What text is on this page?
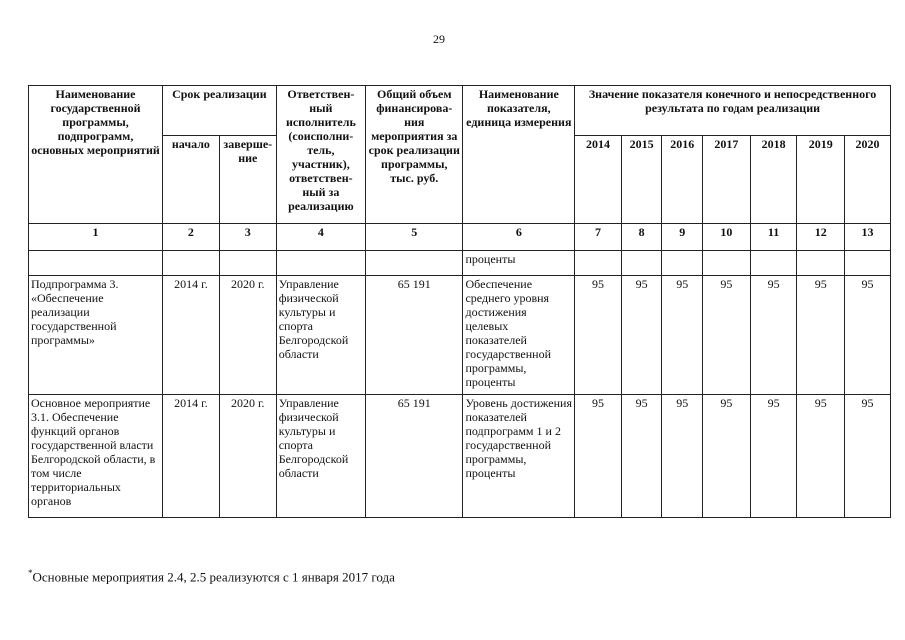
29
Наименование государственной программы, подпрограмм, основных мероприятий	Срок реализации		Ответствен-ный исполнитель (соисполни-тель, участник), ответствен-ный за реализацию	Общий объем финансирова-ния мероприятия за срок реализации программы, тыс. руб.	Наименование показателя, единица измерения	Значение показателя конечного и непосредственного результата по годам реализации						
	начало	заверше-ние				2014	2015	2016	2017	2018	2019	2020
1	2	3	4	5	6	7	8	9	10	11	12	13
					проценты							
Подпрограмма 3. «Обеспечение реализации государственной программы»	2014 г.	2020 г.	Управление физической культуры и спорта Белгородской области	65 191	Обеспечение среднего уровня достижения целевых показателей государственной программы, проценты	95	95	95	95	95	95	95
Основное мероприятие 3.1. Обеспечение функций органов государственной власти Белгородской области, в том числе территориальных органов	2014 г.	2020 г.	Управление физической культуры и спорта Белгородской области	65 191	Уровень достижения показателей подпрограмм 1 и 2 государственной программы, проценты	95	95	95	95	95	95	95
*Основные мероприятия 2.4, 2.5 реализуются с 1 января 2017 года
